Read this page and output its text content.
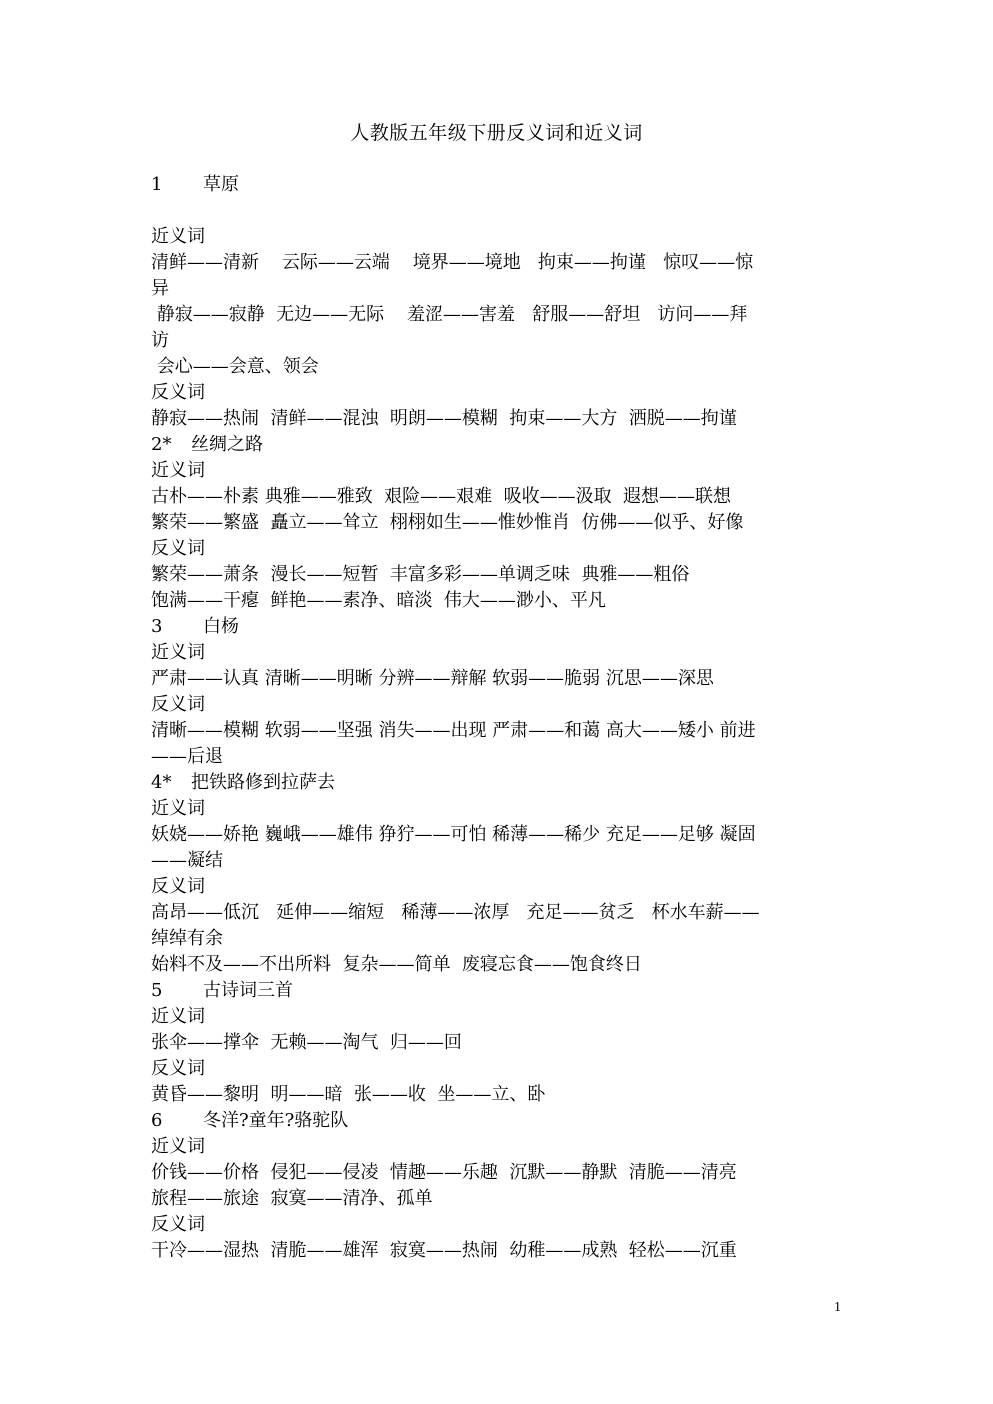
人教版五年级下册反义词和近义词
1 草原
近义词
清鲜——清新    云际——云端    境界——境地   拘束——拘谨   惊叹——惊
异
静寂——寂静  无边——无际    羞涩——害羞   舒服——舒坦   访问——拜
访
会心——会意、领会
反义词
静寂——热闹  清鲜——混浊  明朗——模糊  拘束——大方  洒脱——拘谨
2* 丝绸之路
近义词
古朴——朴素 典雅——雅致  艰险——艰难  吸收——汲取  遐想——联想
繁荣——繁盛  矗立——耸立  栩栩如生——惟妙惟肖  仿佛——似乎、好像
反义词
繁荣——萧条  漫长——短暂  丰富多彩——单调乏味  典雅——粗俗
饱满——干瘪  鲜艳——素净、暗淡  伟大——渺小、平凡
3 白杨
近义词
严肃——认真 清晰——明晰 分辨——辩解 软弱——脆弱 沉思——深思
反义词
清晰——模糊 软弱——坚强 消失——出现 严肃——和蔼 高大——矮小 前进
——后退
4* 把铁路修到拉萨去
近义词
妖娆——娇艳 巍峨——雄伟 狰狞——可怕 稀薄——稀少 充足——足够 凝固
——凝结
反义词
高昂——低沉   延伸——缩短   稀薄——浓厚   充足——贫乏   杯水车薪——
绰绰有余
始料不及——不出所料  复杂——简单  废寝忘食——饱食终日
5 古诗词三首
近义词
张伞——撑伞  无赖——淘气  归——回
反义词
黄昏——黎明  明——暗  张——收  坐——立、卧
6 冬洋?童年?骆驼队
近义词
价钱——价格  侵犯——侵凌  情趣——乐趣  沉默——静默  清脆——清亮
旅程——旅途  寂寞——清净、孤单
反义词
干冷——湿热  清脆——雄浑  寂寞——热闹  幼稚——成熟  轻松——沉重
1
